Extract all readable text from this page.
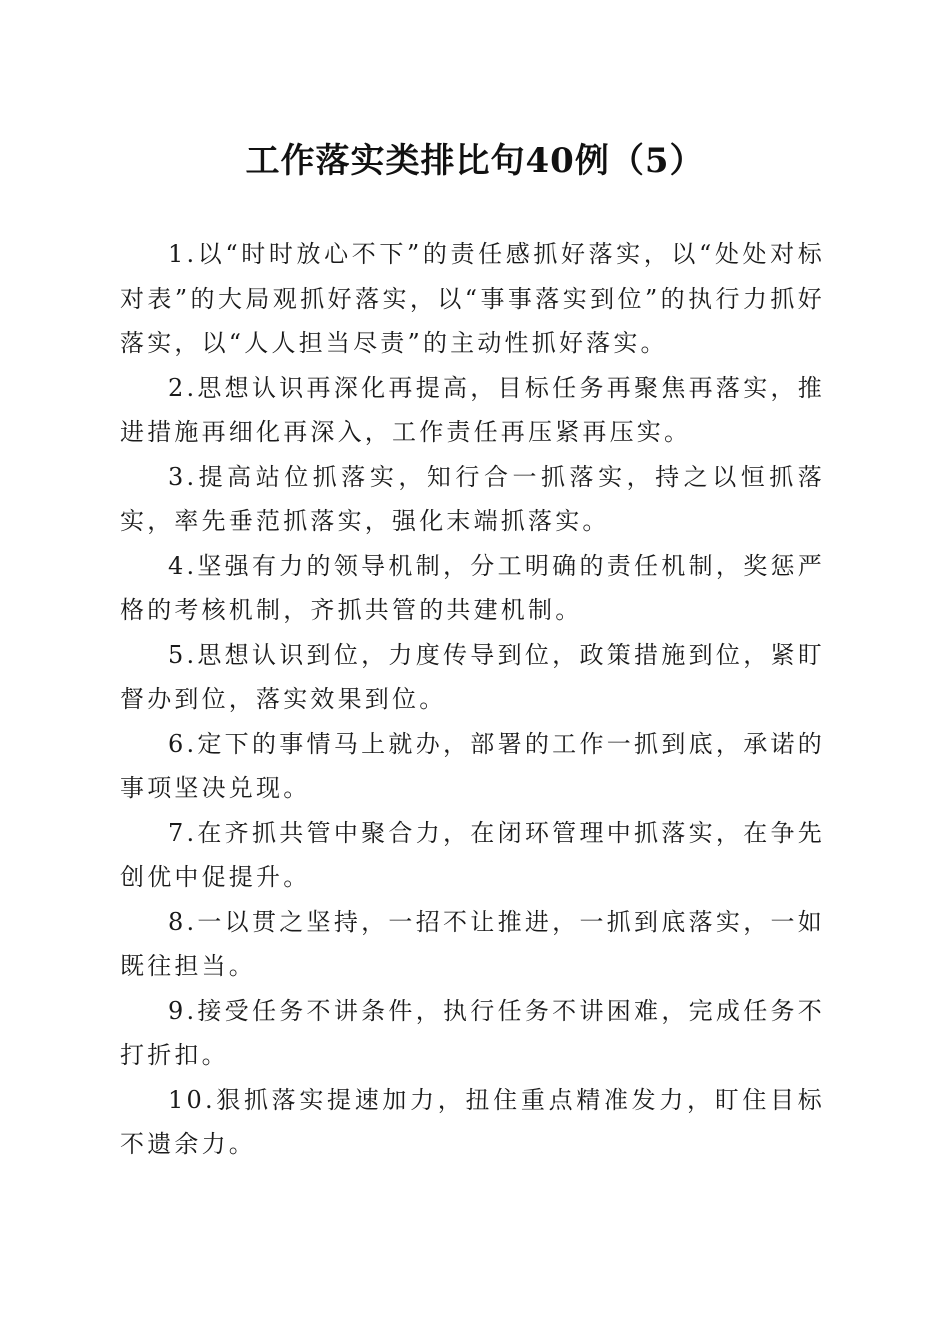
工作落实类排比句40例（5）

1.以“时时放心不下”的责任感抓好落实，以“处处对标对表”的大局观抓好落实，以“事事落实到位”的执行力抓好落实，以“人人担当尽责”的主动性抓好落实。

2.思想认识再深化再提高，目标任务再聚焦再落实，推进措施再细化再深入，工作责任再压紧再压实。

3.提高站位抓落实，知行合一抓落实，持之以恒抓落实，率先垂范抓落实，强化末端抓落实。

4.坚强有力的领导机制，分工明确的责任机制，奖惩严格的考核机制，齐抓共管的共建机制。

5.思想认识到位，力度传导到位，政策措施到位，紧盯督办到位，落实效果到位。

6.定下的事情马上就办，部署的工作一抓到底，承诺的事项坚决兑现。

7.在齐抓共管中聚合力，在闭环管理中抓落实，在争先创优中促提升。

8.一以贯之坚持，一招不让推进，一抓到底落实，一如既往担当。

9.接受任务不讲条件，执行任务不讲困难，完成任务不打折扣。

10.狠抓落实提速加力，扭住重点精准发力，盯住目标不遗余力。
